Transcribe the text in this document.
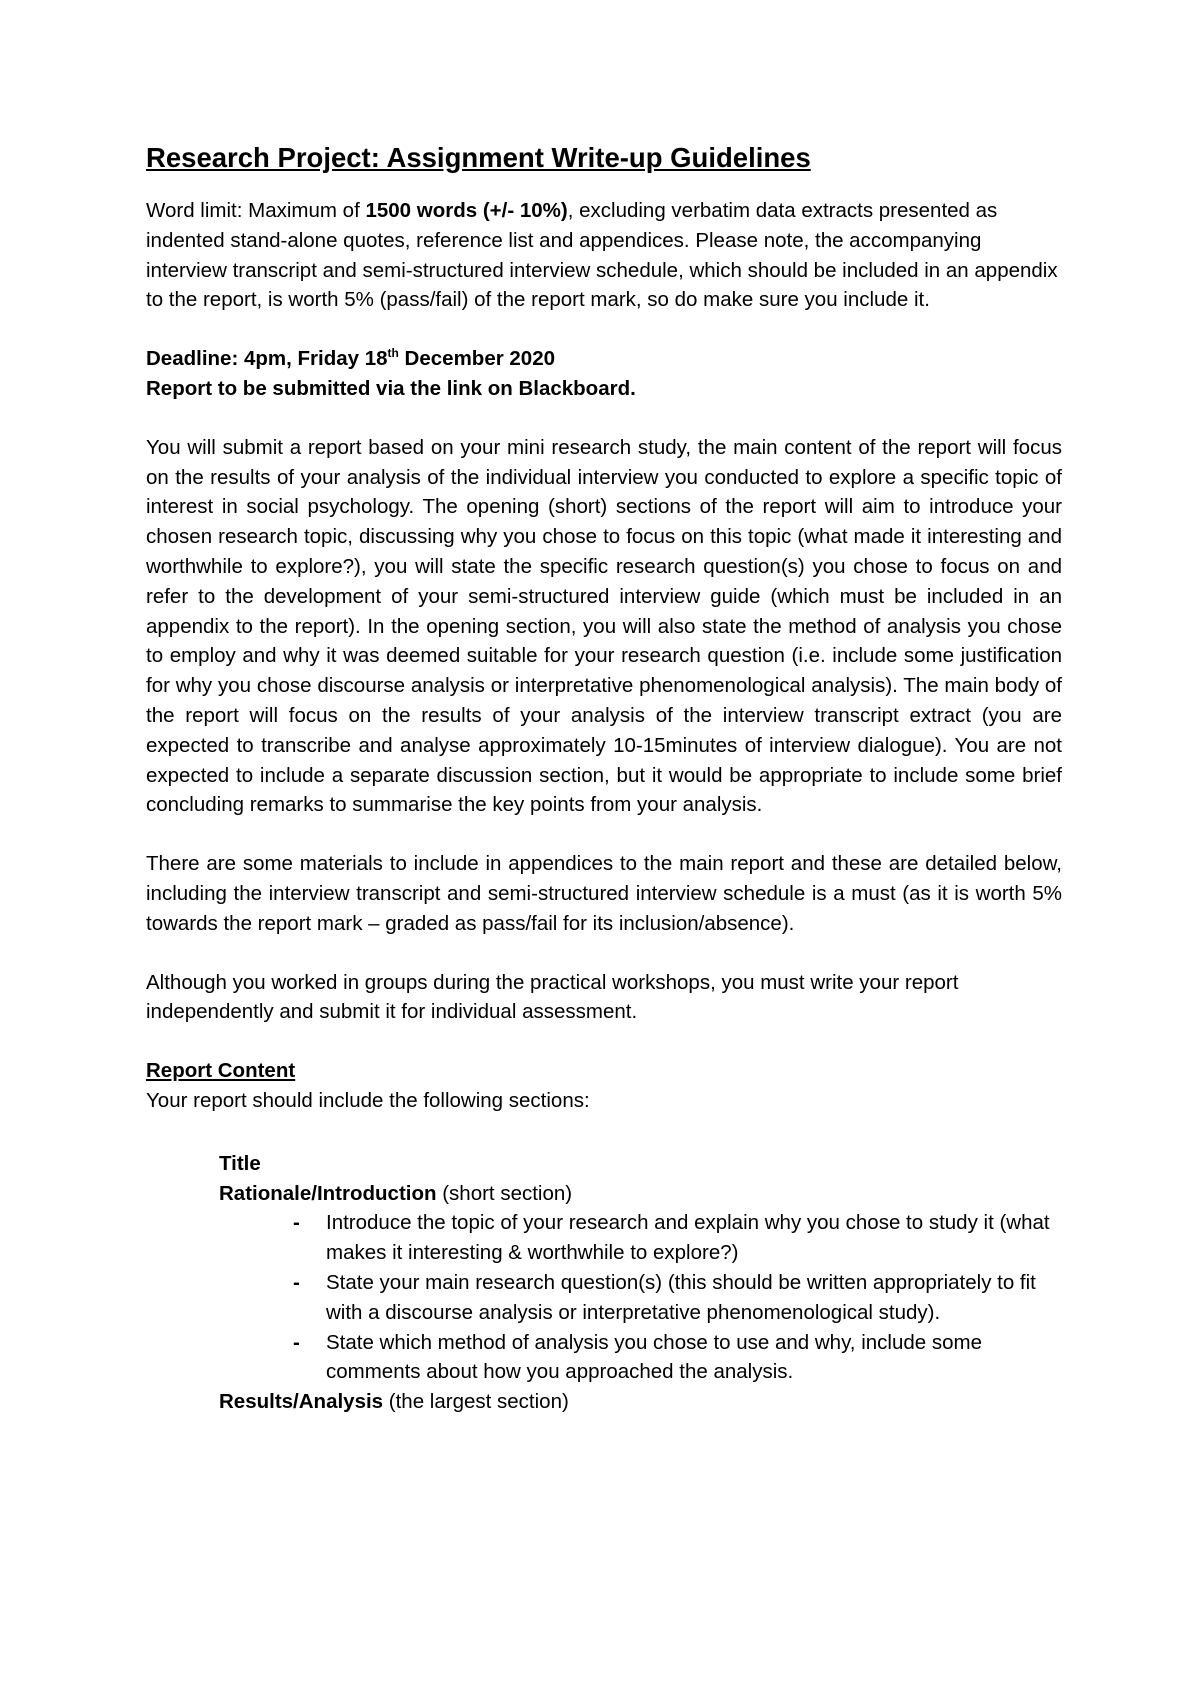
Research Project: Assignment Write-up Guidelines

Word limit: Maximum of 1500 words (+/- 10%), excluding verbatim data extracts presented as indented stand-alone quotes, reference list and appendices. Please note, the accompanying interview transcript and semi-structured interview schedule, which should be included in an appendix to the report, is worth 5% (pass/fail) of the report mark, so do make sure you include it.

Deadline: 4pm, Friday 18th December 2020
Report to be submitted via the link on Blackboard.

You will submit a report based on your mini research study, the main content of the report will focus on the results of your analysis of the individual interview you conducted to explore a specific topic of interest in social psychology. The opening (short) sections of the report will aim to introduce your chosen research topic, discussing why you chose to focus on this topic (what made it interesting and worthwhile to explore?), you will state the specific research question(s) you chose to focus on and refer to the development of your semi-structured interview guide (which must be included in an appendix to the report). In the opening section, you will also state the method of analysis you chose to employ and why it was deemed suitable for your research question (i.e. include some justification for why you chose discourse analysis or interpretative phenomenological analysis). The main body of the report will focus on the results of your analysis of the interview transcript extract (you are expected to transcribe and analyse approximately 10-15minutes of interview dialogue). You are not expected to include a separate discussion section, but it would be appropriate to include some brief concluding remarks to summarise the key points from your analysis.

There are some materials to include in appendices to the main report and these are detailed below, including the interview transcript and semi-structured interview schedule is a must (as it is worth 5% towards the report mark – graded as pass/fail for its inclusion/absence).

Although you worked in groups during the practical workshops, you must write your report independently and submit it for individual assessment.

Report Content
Your report should include the following sections:
Title
Rationale/Introduction (short section)
- Introduce the topic of your research and explain why you chose to study it (what makes it interesting & worthwhile to explore?)
- State your main research question(s) (this should be written appropriately to fit with a discourse analysis or interpretative phenomenological study).
- State which method of analysis you chose to use and why, include some comments about how you approached the analysis.
Results/Analysis (the largest section)
